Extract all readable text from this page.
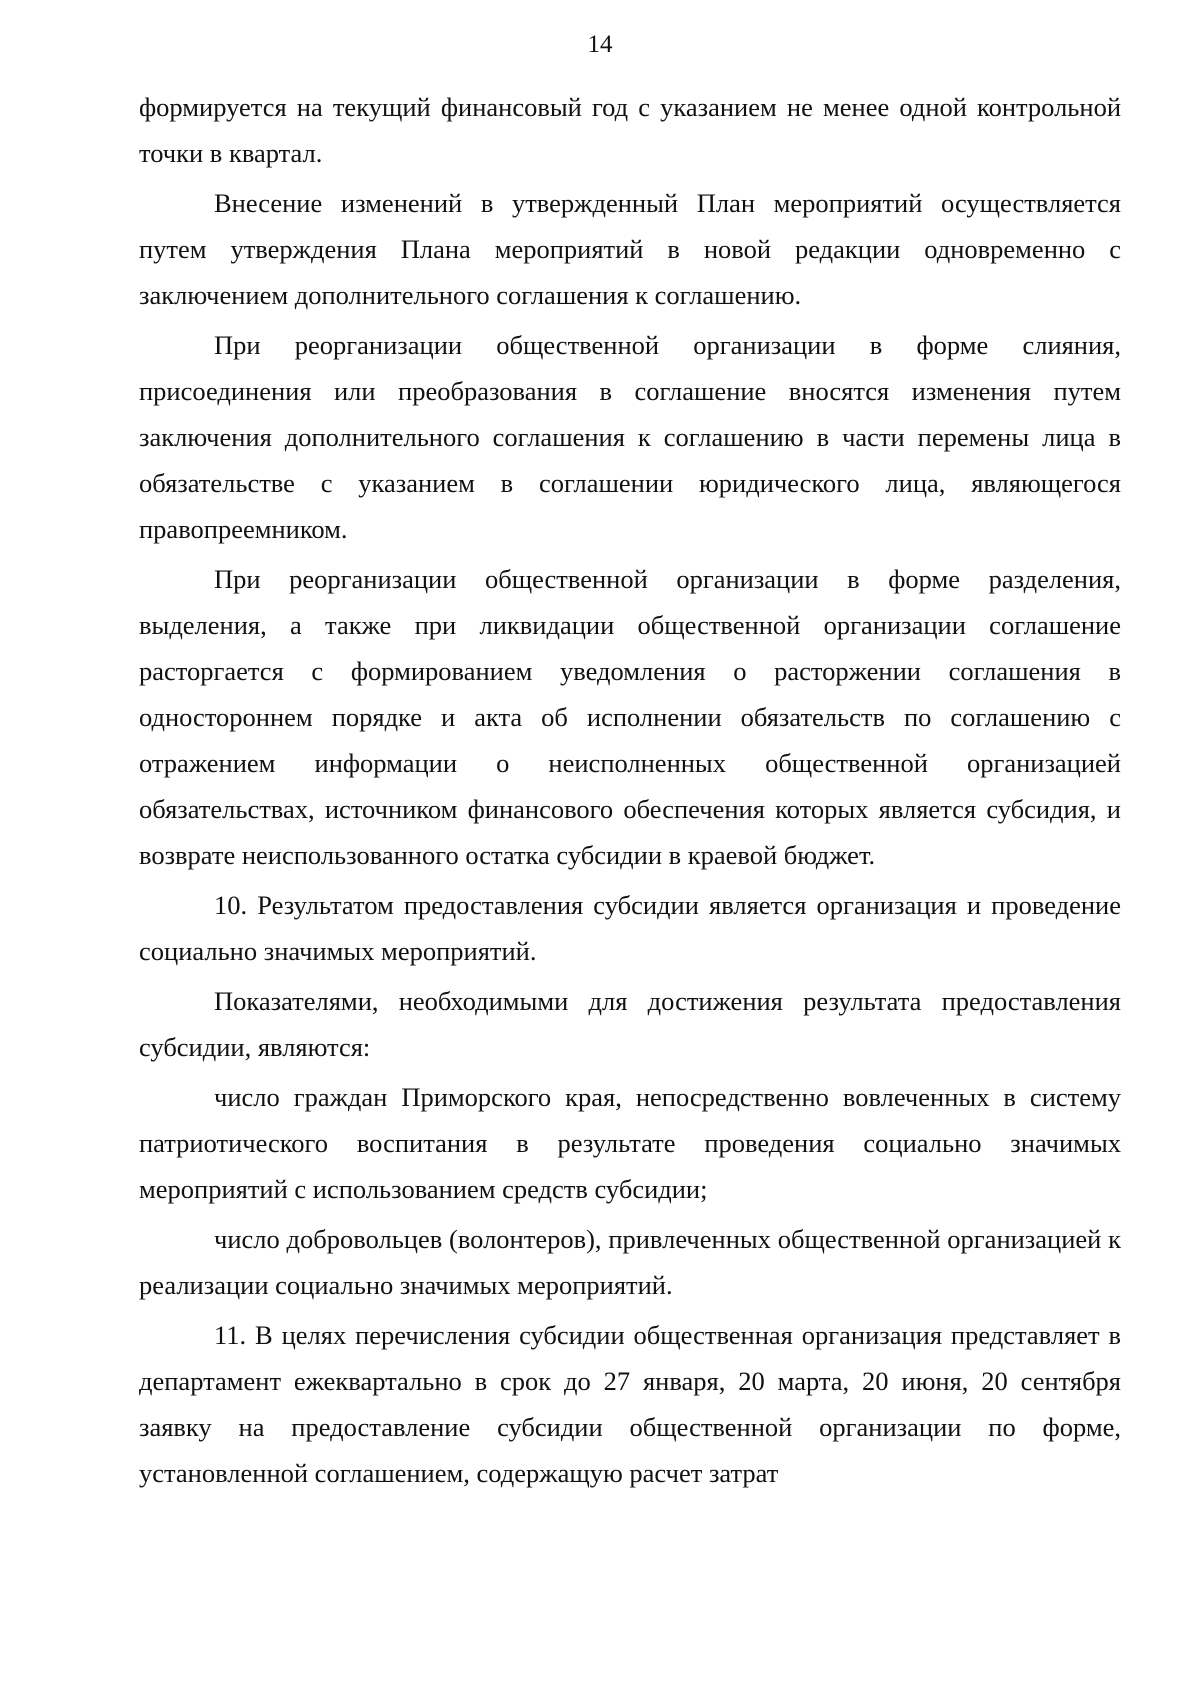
14

формируется на текущий финансовый год с указанием не менее одной контрольной точки в квартал.

Внесение изменений в утвержденный План мероприятий осуществляется путем утверждения Плана мероприятий в новой редакции одновременно с заключением дополнительного соглашения к соглашению.

При реорганизации общественной организации в форме слияния, присоединения или преобразования в соглашение вносятся изменения путем заключения дополнительного соглашения к соглашению в части перемены лица в обязательстве с указанием в соглашении юридического лица, являющегося правопреемником.

При реорганизации общественной организации в форме разделения, выделения, а также при ликвидации общественной организации соглашение расторгается с формированием уведомления о расторжении соглашения в одностороннем порядке и акта об исполнении обязательств по соглашению с отражением информации о неисполненных общественной организацией обязательствах, источником финансового обеспечения которых является субсидия, и возврате неиспользованного остатка субсидии в краевой бюджет.

10. Результатом предоставления субсидии является организация и проведение социально значимых мероприятий.

Показателями, необходимыми для достижения результата предоставления субсидии, являются:

число граждан Приморского края, непосредственно вовлеченных в систему патриотического воспитания в результате проведения социально значимых мероприятий с использованием средств субсидии;

число добровольцев (волонтеров), привлеченных общественной организацией к реализации социально значимых мероприятий.

11. В целях перечисления субсидии общественная организация представляет в департамент ежеквартально в срок до 27 января, 20 марта, 20 июня, 20 сентября заявку на предоставление субсидии общественной организации по форме, установленной соглашением, содержащую расчет затрат
